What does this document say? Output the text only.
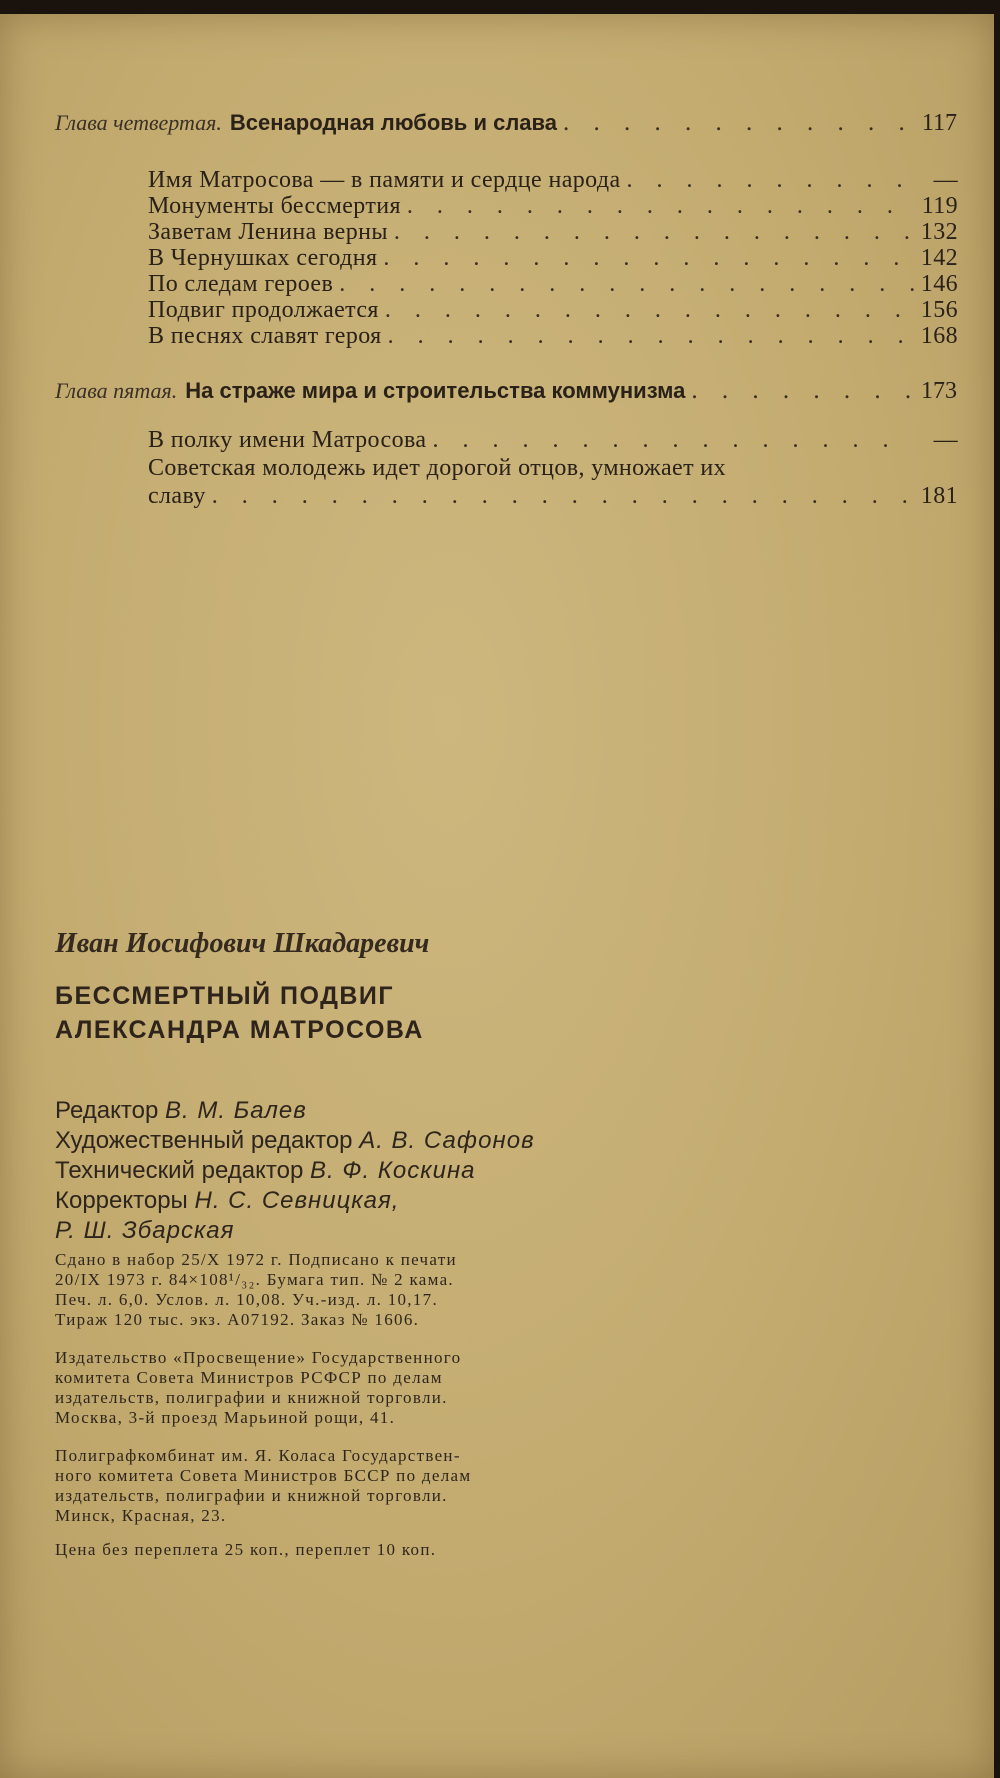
Глава четвертая. Всенародная любовь и слава . . .	117
Имя Матросова — в памяти и сердце народа . . .	—
Монументы бессмертия . . .	119
Заветам Ленина верны . . .	132
В Чернушках сегодня . . .	142
По следам героев . . .	146
Подвиг продолжается . . .	156
В песнях славят героя . . .	168
Глава пятая. На страже мира и строительства коммунизма . . .	173
В полку имени Матросова . . .	—
Советская молодежь идет дорогой отцов, умножает их
славу . . .	181
Иван Иосифович Шкадаревич
БЕССМЕРТНЫЙ ПОДВИГ
АЛЕКСАНДРА МАТРОСОВА
Редактор В. М. Балев
Художественный редактор А. В. Сафонов
Технический редактор В. Ф. Коскина
Корректоры Н. С. Севницкая,
Р. Ш. Збарская
Сдано в набор 25/X 1972 г. Подписано к печати
20/IX 1973 г. 84×108¹/₃₂. Бумага тип. № 2 кама.
Печ. л. 6,0. Услов. л. 10,08. Уч.-изд. л. 10,17.
Тираж 120 тыс. экз. А07192. Заказ № 1606.
Издательство «Просвещение» Государственного
комитета Совета Министров РСФСР по делам
издательств, полиграфии и книжной торговли.
Москва, 3-й проезд Марьиной рощи, 41.
Полиграфкомбинат им. Я. Коласа Государствен-
ного комитета Совета Министров БССР по делам
издательств, полиграфии и книжной торговли.
Минск, Красная, 23.
Цена без переплета 25 коп., переплет 10 коп.
